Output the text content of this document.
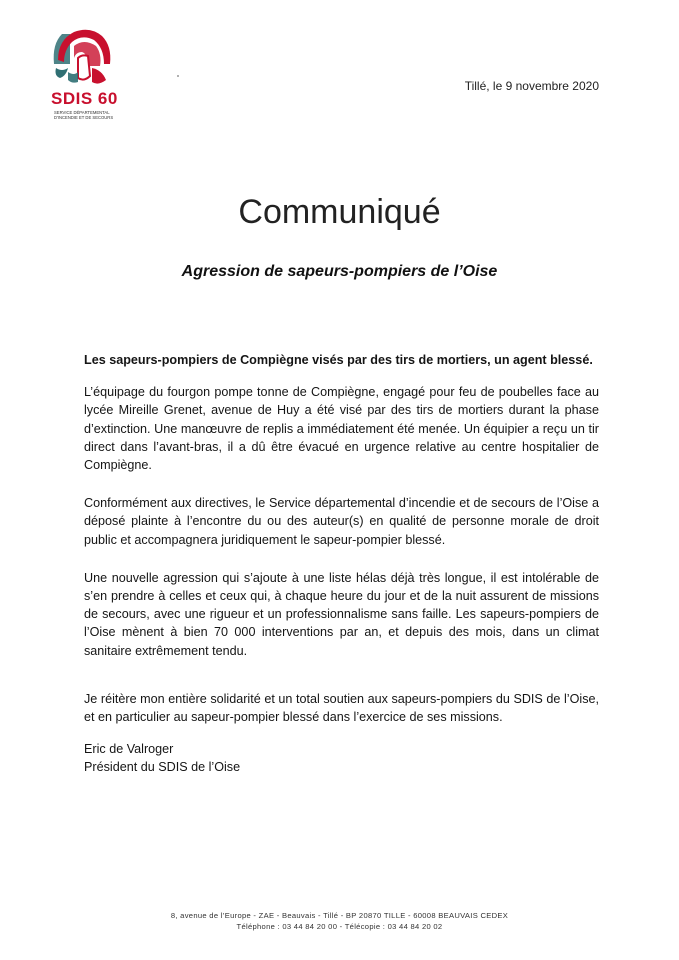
SDIS 60
SERVICE DÉPARTEMENTAL D'INCENDIE ET DE SECOURS
Tillé, le 9 novembre 2020
Communiqué
Agression de sapeurs-pompiers de l’Oise

Les sapeurs-pompiers de Compiègne visés par des tirs de mortiers, un agent blessé.

L’équipage du fourgon pompe tonne de Compiègne, engagé pour feu de poubelles face au lycée Mireille Grenet, avenue de Huy a été visé par des tirs de mortiers durant la phase d’extinction. Une manœuvre de replis a immédiatement été menée. Un équipier a reçu un tir direct dans l’avant-bras, il a dû être évacué en urgence relative au centre hospitalier de Compiègne.

Conformément aux directives, le Service départemental d’incendie et de secours de l’Oise a déposé plainte à l’encontre du ou des auteur(s) en qualité de personne morale de droit public et accompagnera juridiquement le sapeur-pompier blessé.

Une nouvelle agression qui s’ajoute à une liste hélas déjà très longue, il est intolérable de s’en prendre à celles et ceux qui, à chaque heure du jour et de la nuit assurent de missions de secours, avec une rigueur et un professionnalisme sans faille. Les sapeurs-pompiers de l’Oise mènent à bien 70 000 interventions par an, et depuis des mois, dans un climat sanitaire extrêmement tendu.

Je réitère mon entière solidarité et un total soutien aux sapeurs-pompiers du SDIS de l’Oise, et en particulier au sapeur-pompier blessé dans l’exercice de ses missions.

Eric de Valroger

Président du SDIS de l’Oise

8, avenue de l’Europe - ZAE - Beauvais - Tillé - BP 20870 TILLE - 60008 BEAUVAIS CEDEX
Téléphone : 03 44 84 20 00 - Télécopie : 03 44 84 20 02
